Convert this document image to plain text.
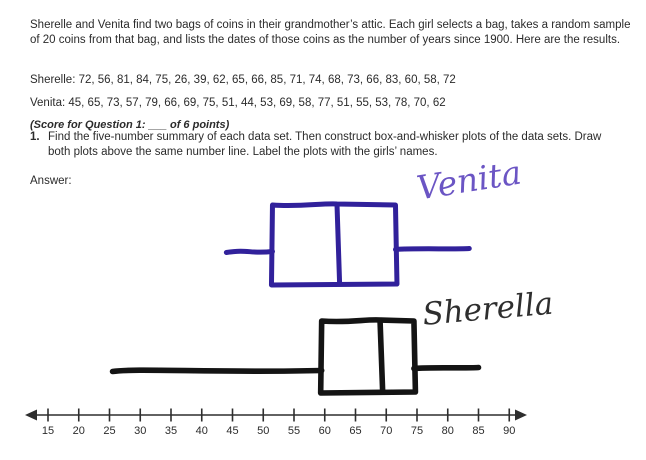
Sherelle and Venita find two bags of coins in their grandmother’s attic. Each girl selects a bag, takes a random sample of 20 coins from that bag, and lists the dates of those coins as the number of years since 1900. Here are the results.

Sherelle: 72, 56, 81, 84, 75, 26, 39, 62, 65, 66, 85, 71, 74, 68, 73, 66, 83, 60, 58, 72

Venita: 45, 65, 73, 57, 79, 66, 69, 75, 51, 44, 53, 69, 58, 77, 51, 55, 53, 78, 70, 62

(Score for Question 1: ___ of 6 points)

1. Find the five-number summary of each data set. Then construct box-and-whisker plots of the data sets. Draw both plots above the same number line. Label the plots with the girls’ names.

Answer:

15 20 25 30 35 40 45 50 55 60 65 70 75 80 85 90
Venita
Sherella
